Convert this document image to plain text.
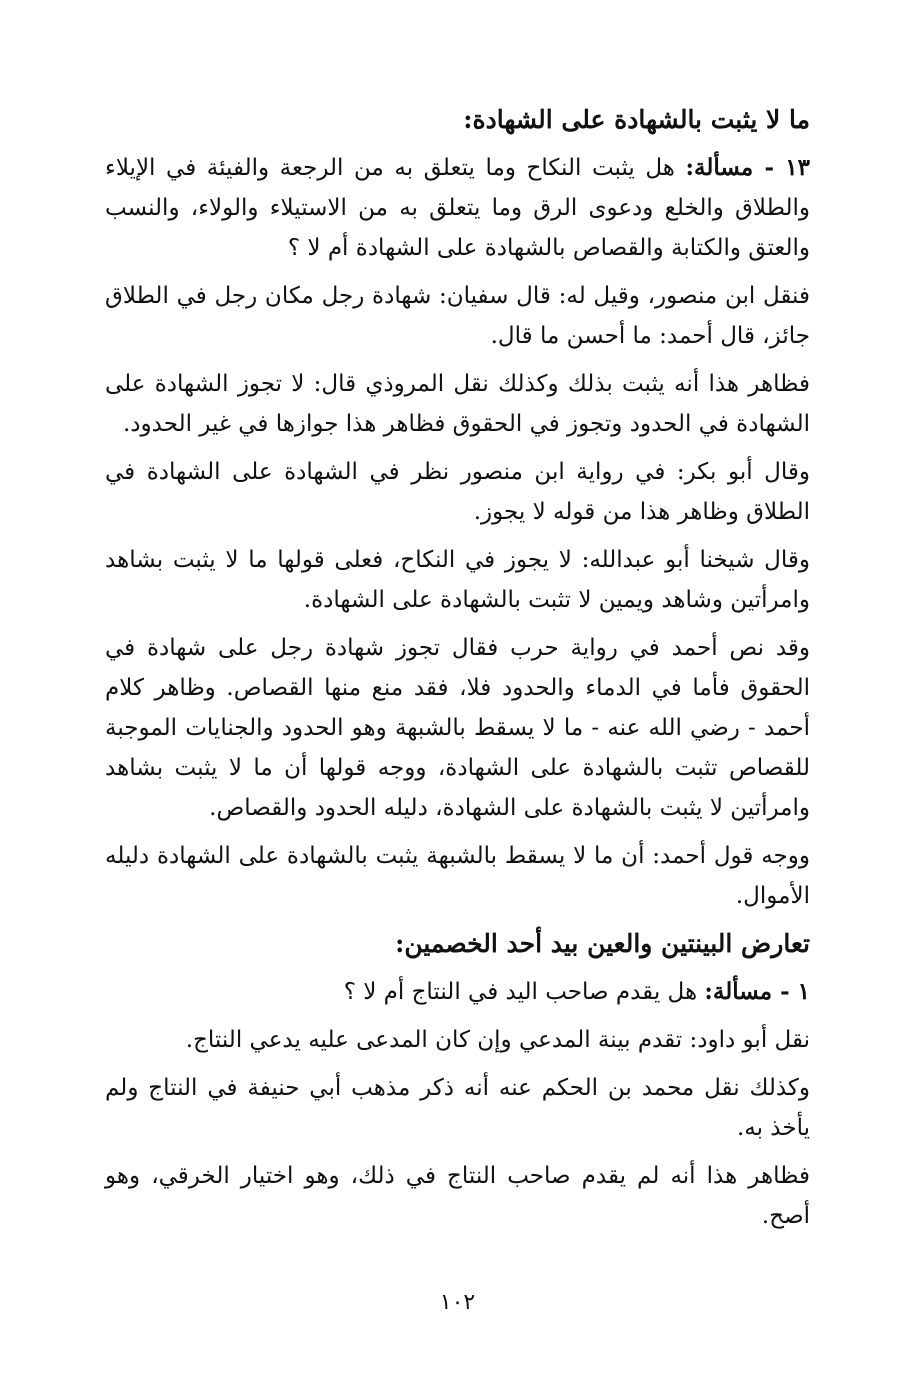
ما لا يثبت بالشهادة على الشهادة:
١٣ - مسألة: هل يثبت النكاح وما يتعلق به من الرجعة والفيئة في الإيلاء والطلاق والخلع ودعوى الرق وما يتعلق به من الاستيلاء والولاء، والنسب والعتق والكتابة والقصاص بالشهادة على الشهادة أم لا ؟
فنقل ابن منصور، وقيل له: قال سفيان: شهادة رجل مكان رجل في الطلاق جائز، قال أحمد: ما أحسن ما قال.
فظاهر هذا أنه يثبت بذلك وكذلك نقل المروذي قال: لا تجوز الشهادة على الشهادة في الحدود وتجوز في الحقوق فظاهر هذا جوازها في غير الحدود.
وقال أبو بكر: في رواية ابن منصور نظر في الشهادة على الشهادة في الطلاق وظاهر هذا من قوله لا يجوز.
وقال شيخنا أبو عبدالله: لا يجوز في النكاح، فعلى قولها ما لا يثبت بشاهد وامرأتين وشاهد ويمين لا تثبت بالشهادة على الشهادة.
وقد نص أحمد في رواية حرب فقال تجوز شهادة رجل على شهادة في الحقوق فأما في الدماء والحدود فلا، فقد منع منها القصاص. وظاهر كلام أحمد - رضي الله عنه - ما لا يسقط بالشبهة وهو الحدود والجنايات الموجبة للقصاص تثبت بالشهادة على الشهادة، ووجه قولها أن ما لا يثبت بشاهد وامرأتين لا يثبت بالشهادة على الشهادة، دليله الحدود والقصاص.
ووجه قول أحمد: أن ما لا يسقط بالشبهة يثبت بالشهادة على الشهادة دليله الأموال.
تعارض البينتين والعين بيد أحد الخصمين:
١ - مسألة: هل يقدم صاحب اليد في النتاج أم لا ؟
نقل أبو داود: تقدم بينة المدعي وإن كان المدعى عليه يدعي النتاج.
وكذلك نقل محمد بن الحكم عنه أنه ذكر مذهب أبي حنيفة في النتاج ولم يأخذ به.
فظاهر هذا أنه لم يقدم صاحب النتاج في ذلك، وهو اختيار الخرقي، وهو أصح.
١٠٢
